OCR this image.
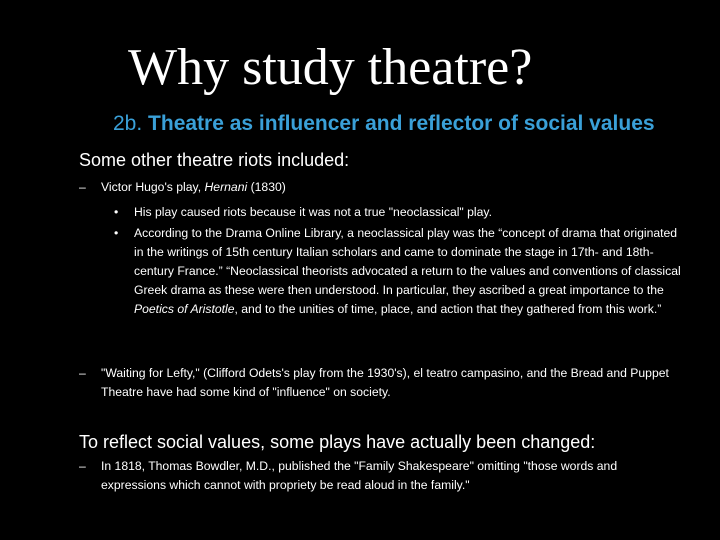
Why study theatre?
2b. Theatre as influencer and reflector of social values
Some other theatre riots included:
–	Victor Hugo's play, Hernani (1830)
•	His play caused riots because it was not a true "neoclassical" play.
•	According to the Drama Online Library, a neoclassical play was the “concept of drama that originated in the writings of 15th century Italian scholars and came to dominate the stage in 17th- and 18th-century France.” “Neoclassical theorists advocated a return to the values and conventions of classical Greek drama as these were then understood. In particular, they ascribed a great importance to the Poetics of Aristotle, and to the unities of time, place, and action that they gathered from this work.”
–	"Waiting for Lefty," (Clifford Odets's play from the 1930's), el teatro campasino, and the Bread and Puppet Theatre have had some kind of "influence" on society.
To reflect social values, some plays have actually been changed:
–	In 1818, Thomas Bowdler, M.D., published the "Family Shakespeare" omitting "those words and expressions which cannot with propriety be read aloud in the family."
